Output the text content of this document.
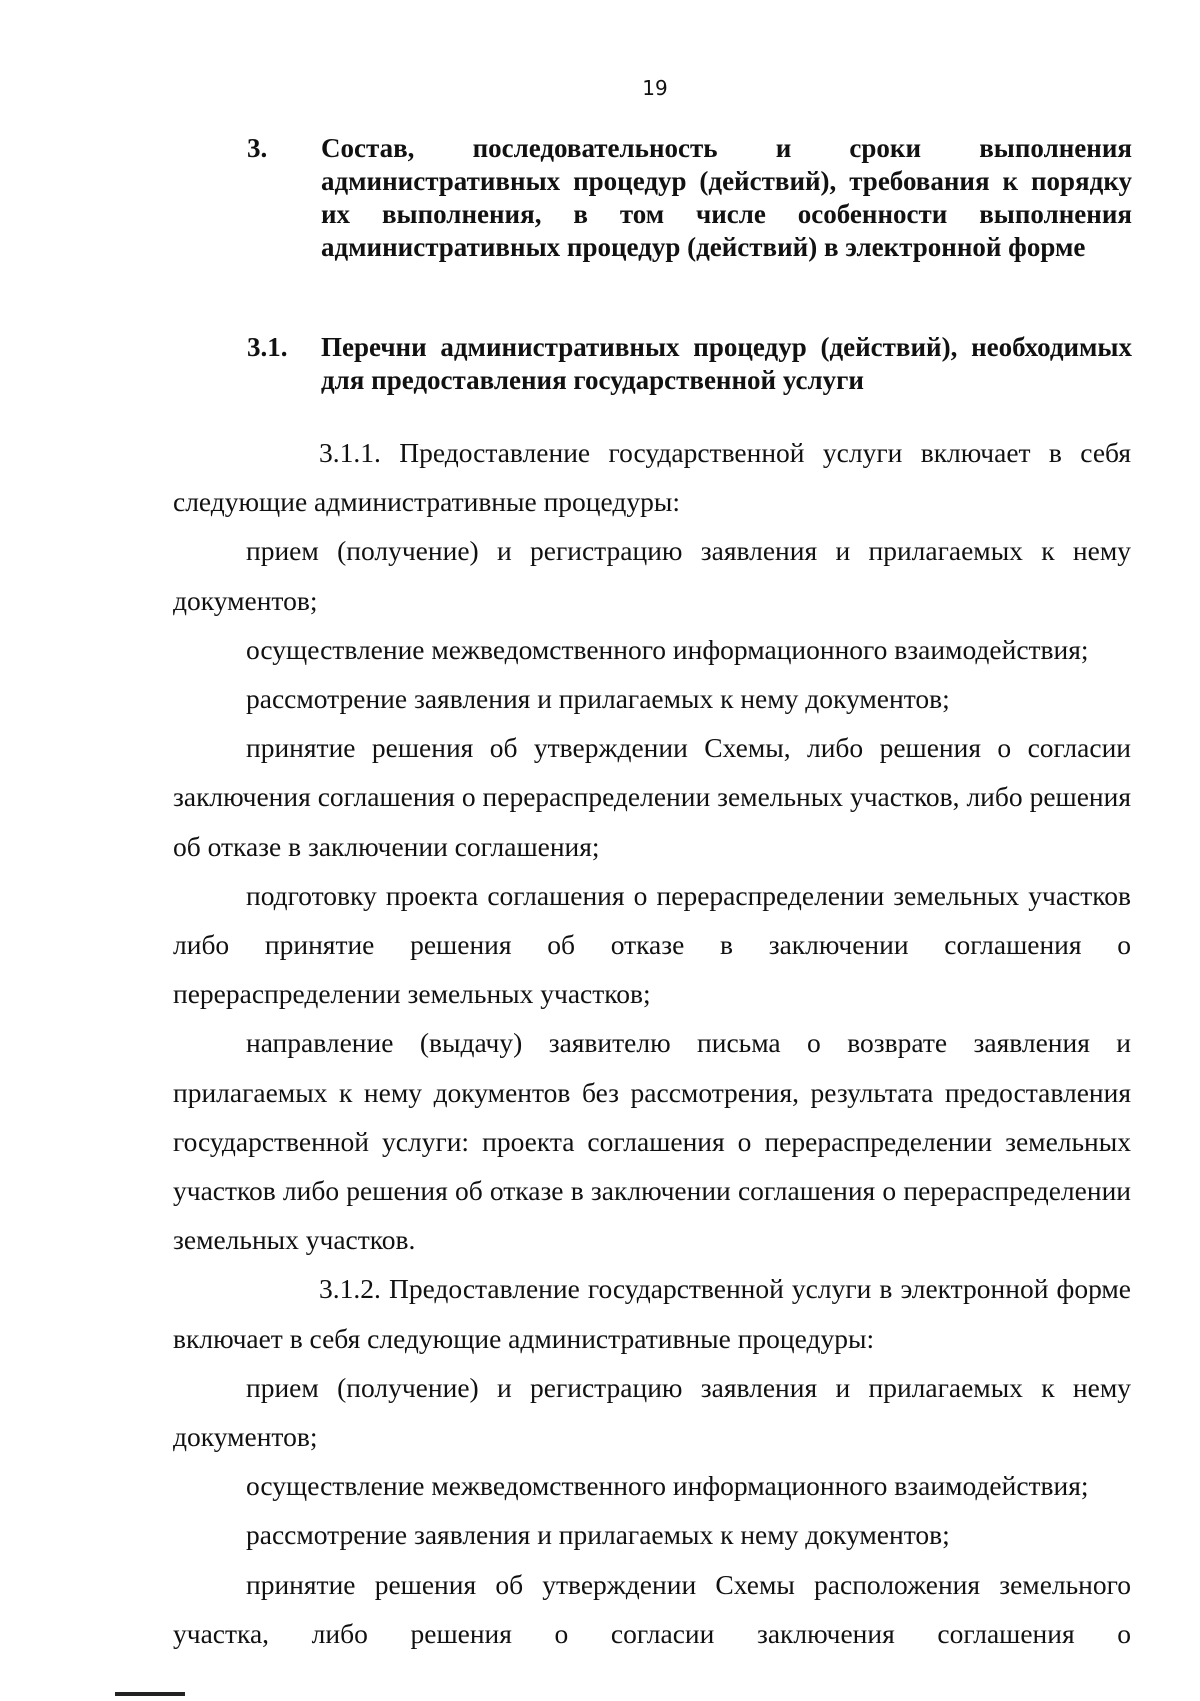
19
3. Состав, последовательность и сроки выполнения административных процедур (действий), требования к порядку их выполнения, в том числе особенности выполнения административных процедур (действий) в электронной форме
3.1. Перечни административных процедур (действий), необходимых для предоставления государственной услуги

3.1.1. Предоставление государственной услуги включает в себя следующие административные процедуры:

прием (получение) и регистрацию заявления и прилагаемых к нему документов;

осуществление межведомственного информационного взаимодействия;

рассмотрение заявления и прилагаемых к нему документов;

принятие решения об утверждении Схемы, либо решения о согласии заключения соглашения о перераспределении земельных участков, либо решения об отказе в заключении соглашения;

подготовку проекта соглашения о перераспределении земельных участков либо принятие решения об отказе в заключении соглашения о перераспределении земельных участков;

направление (выдачу) заявителю письма о возврате заявления и прилагаемых к нему документов без рассмотрения, результата предоставления государственной услуги: проекта соглашения о перераспределении земельных участков либо решения об отказе в заключении соглашения о перераспределении земельных участков.

3.1.2. Предоставление государственной услуги в электронной форме включает в себя следующие административные процедуры:

прием (получение) и регистрацию заявления и прилагаемых к нему документов;

осуществление межведомственного информационного взаимодействия;

рассмотрение заявления и прилагаемых к нему документов;

принятие решения об утверждении Схемы расположения земельного участка, либо решения о согласии заключения соглашения о
